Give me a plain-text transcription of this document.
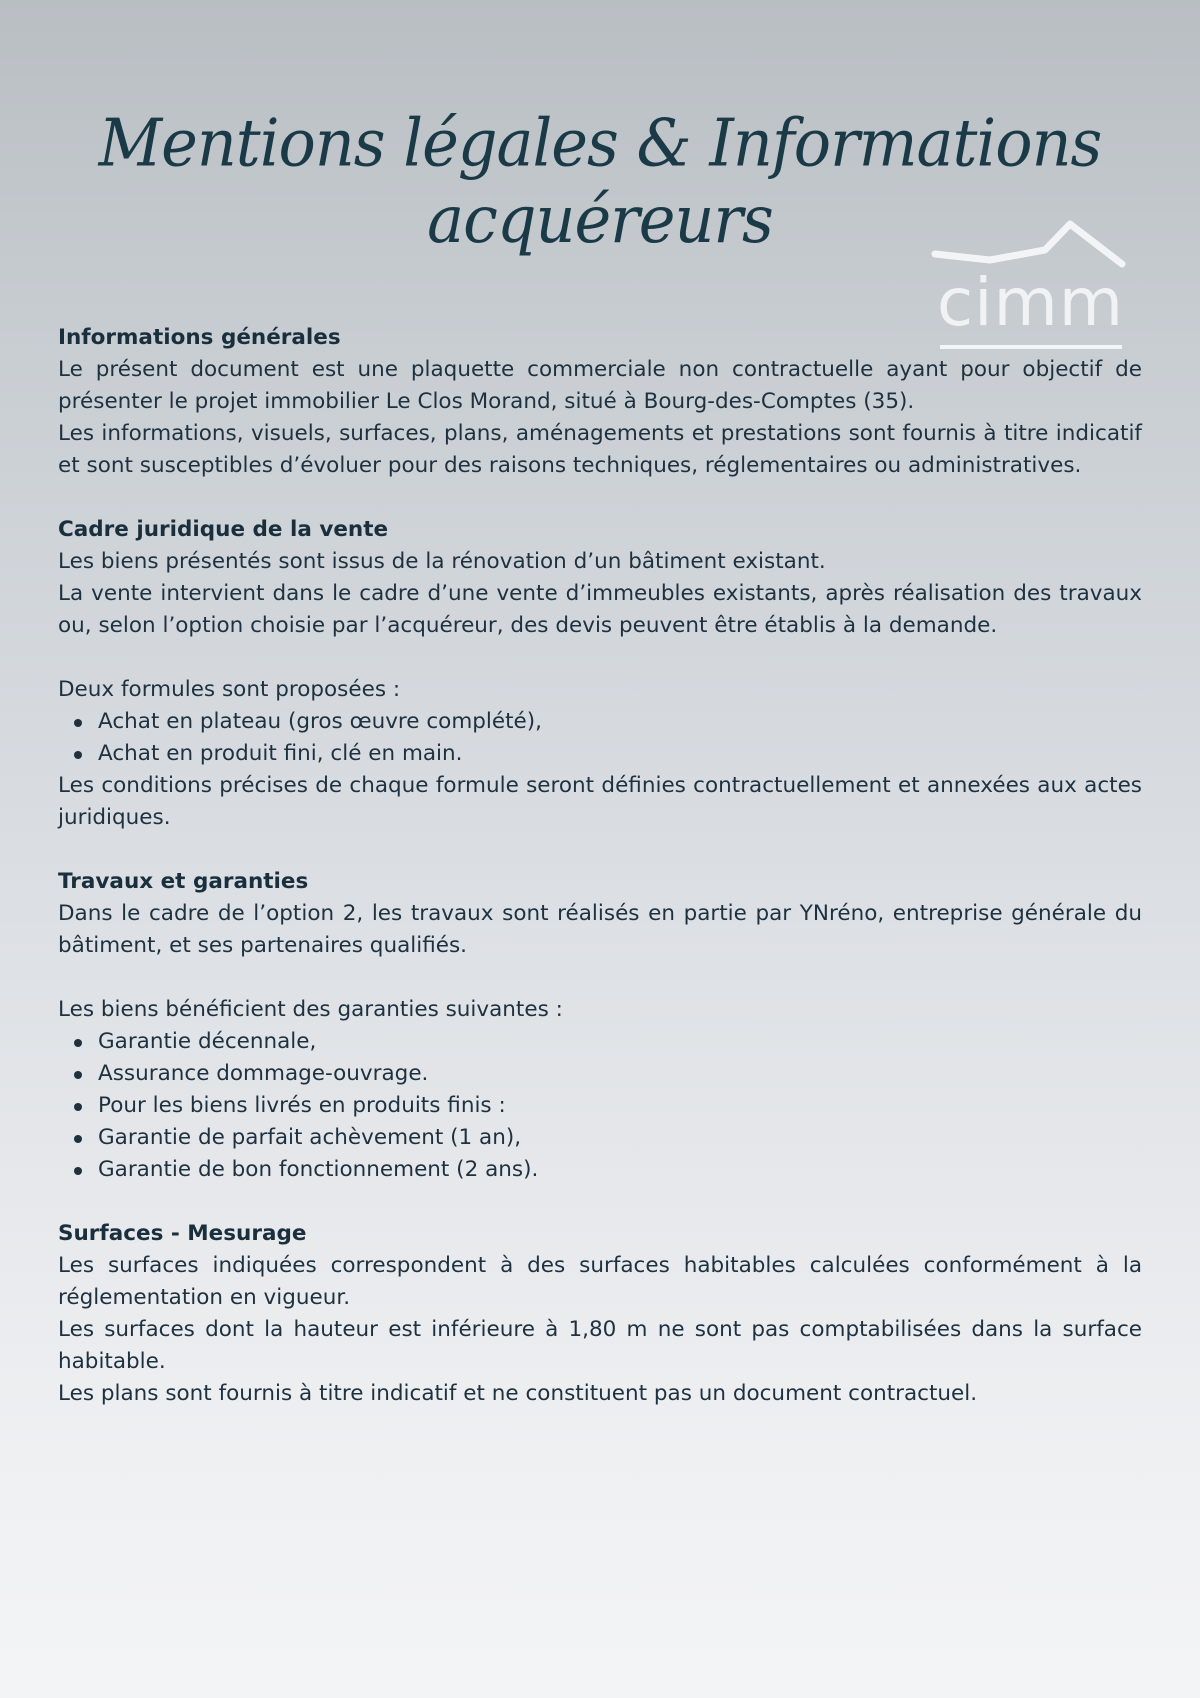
Mentions légales & Informations acquéreurs
cimm
Informations générales

Le présent document est une plaquette commerciale non contractuelle ayant pour objectif de présenter le projet immobilier Le Clos Morand, situé à Bourg-des-Comptes (35).

Les informations, visuels, surfaces, plans, aménagements et prestations sont fournis à titre indicatif et sont susceptibles d’évoluer pour des raisons techniques, réglementaires ou administratives.

Cadre juridique de la vente

Les biens présentés sont issus de la rénovation d’un bâtiment existant.

La vente intervient dans le cadre d’une vente d’immeubles existants, après réalisation des travaux ou, selon l’option choisie par l’acquéreur, des devis peuvent être établis à la demande.

Deux formules sont proposées :

Achat en plateau (gros œuvre complété),
Achat en produit fini, clé en main.

Les conditions précises de chaque formule seront définies contractuellement et annexées aux actes juridiques.

Travaux et garanties

Dans le cadre de l’option 2, les travaux sont réalisés en partie par YNréno, entreprise générale du bâtiment, et ses partenaires qualifiés.

Les biens bénéficient des garanties suivantes :

Garantie décennale,
Assurance dommage-ouvrage.
Pour les biens livrés en produits finis :
Garantie de parfait achèvement (1 an),
Garantie de bon fonctionnement (2 ans).
Surfaces - Mesurage

Les surfaces indiquées correspondent à des surfaces habitables calculées conformément à la réglementation en vigueur.

Les surfaces dont la hauteur est inférieure à 1,80 m ne sont pas comptabilisées dans la surface habitable.

Les plans sont fournis à titre indicatif et ne constituent pas un document contractuel.
